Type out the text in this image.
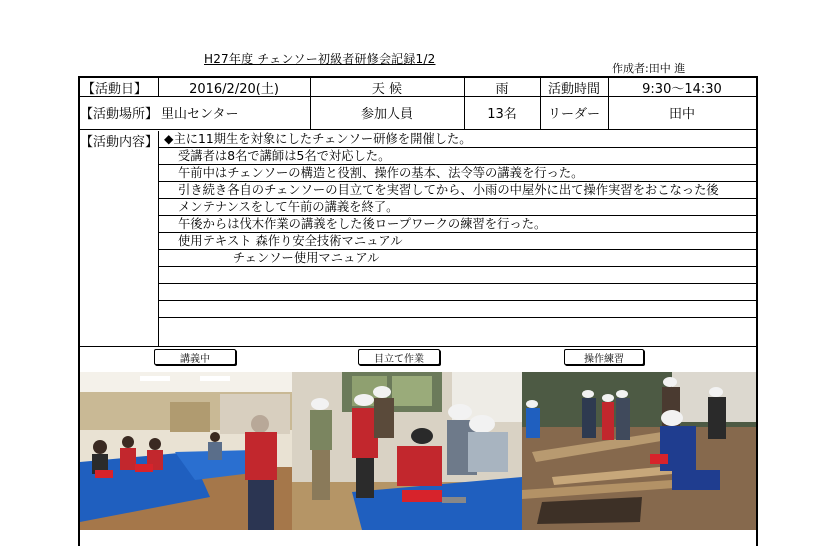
H27年度 チェンソー初級者研修会記録1/2
作成者:田中 進
【活動日】	2016/2/20(土)	天 候	雨	活動時間	9:30〜14:30
【活動場所】 里山センター	参加人員	13名	リーダー	田中
【活動内容】 ◆主に11期生を対象にしたチェンソー研修を開催した。
受講者は8名で講師は5名で対応した。
午前中はチェンソーの構造と役割、操作の基本、法令等の講義を行った。
引き続き各自のチェンソーの目立てを実習してから、小雨の中屋外に出て操作実習をおこなった後
メンテナンスをして午前の講義を終了。
午後からは伐木作業の講義をした後ロープワークの練習を行った。
使用テキスト 森作り安全技術マニュアル
チェンソー使用マニュアル
講義中	目立て作業	操作練習
